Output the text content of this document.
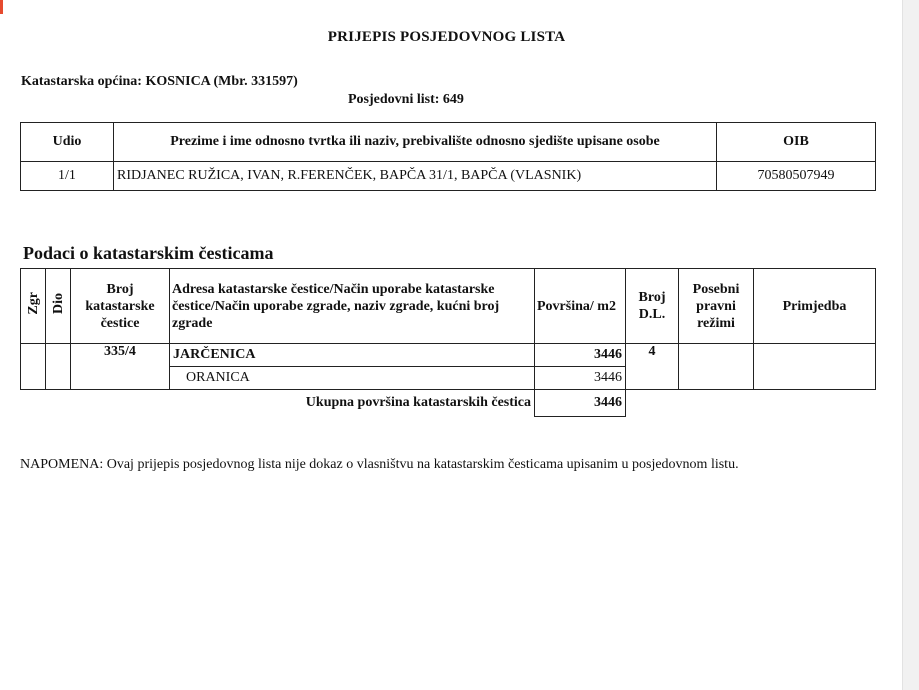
PRIJEPIS POSJEDOVNOG LISTA
Katastarska općina: KOSNICA (Mbr. 331597)
Posjedovni list: 649
Udio	Prezime i ime odnosno tvrtka ili naziv, prebivalište odnosno sjedište upisane osobe	OIB
1/1	RIDJANEC RUŽICA, IVAN, R.FERENČEK, BAPČA 31/1, BAPČA (VLASNIK)	70580507949
Podaci o katastarskim česticama
Zgr	Dio	Broj katastarske čestice	Adresa katastarske čestice/Način uporabe katastarske čestice/Način uporabe zgrade, naziv zgrade, kućni broj zgrade	Površina/ m2	Broj D.L.	Posebni pravni režimi	Primjedba
		335/4	JARČENICA	3446	4		
			ORANICA	3446			
Ukupna površina katastarskih čestica				3446			
NAPOMENA: Ovaj prijepis posjedovnog lista nije dokaz o vlasništvu na katastarskim česticama upisanim u posjedovnom listu.
